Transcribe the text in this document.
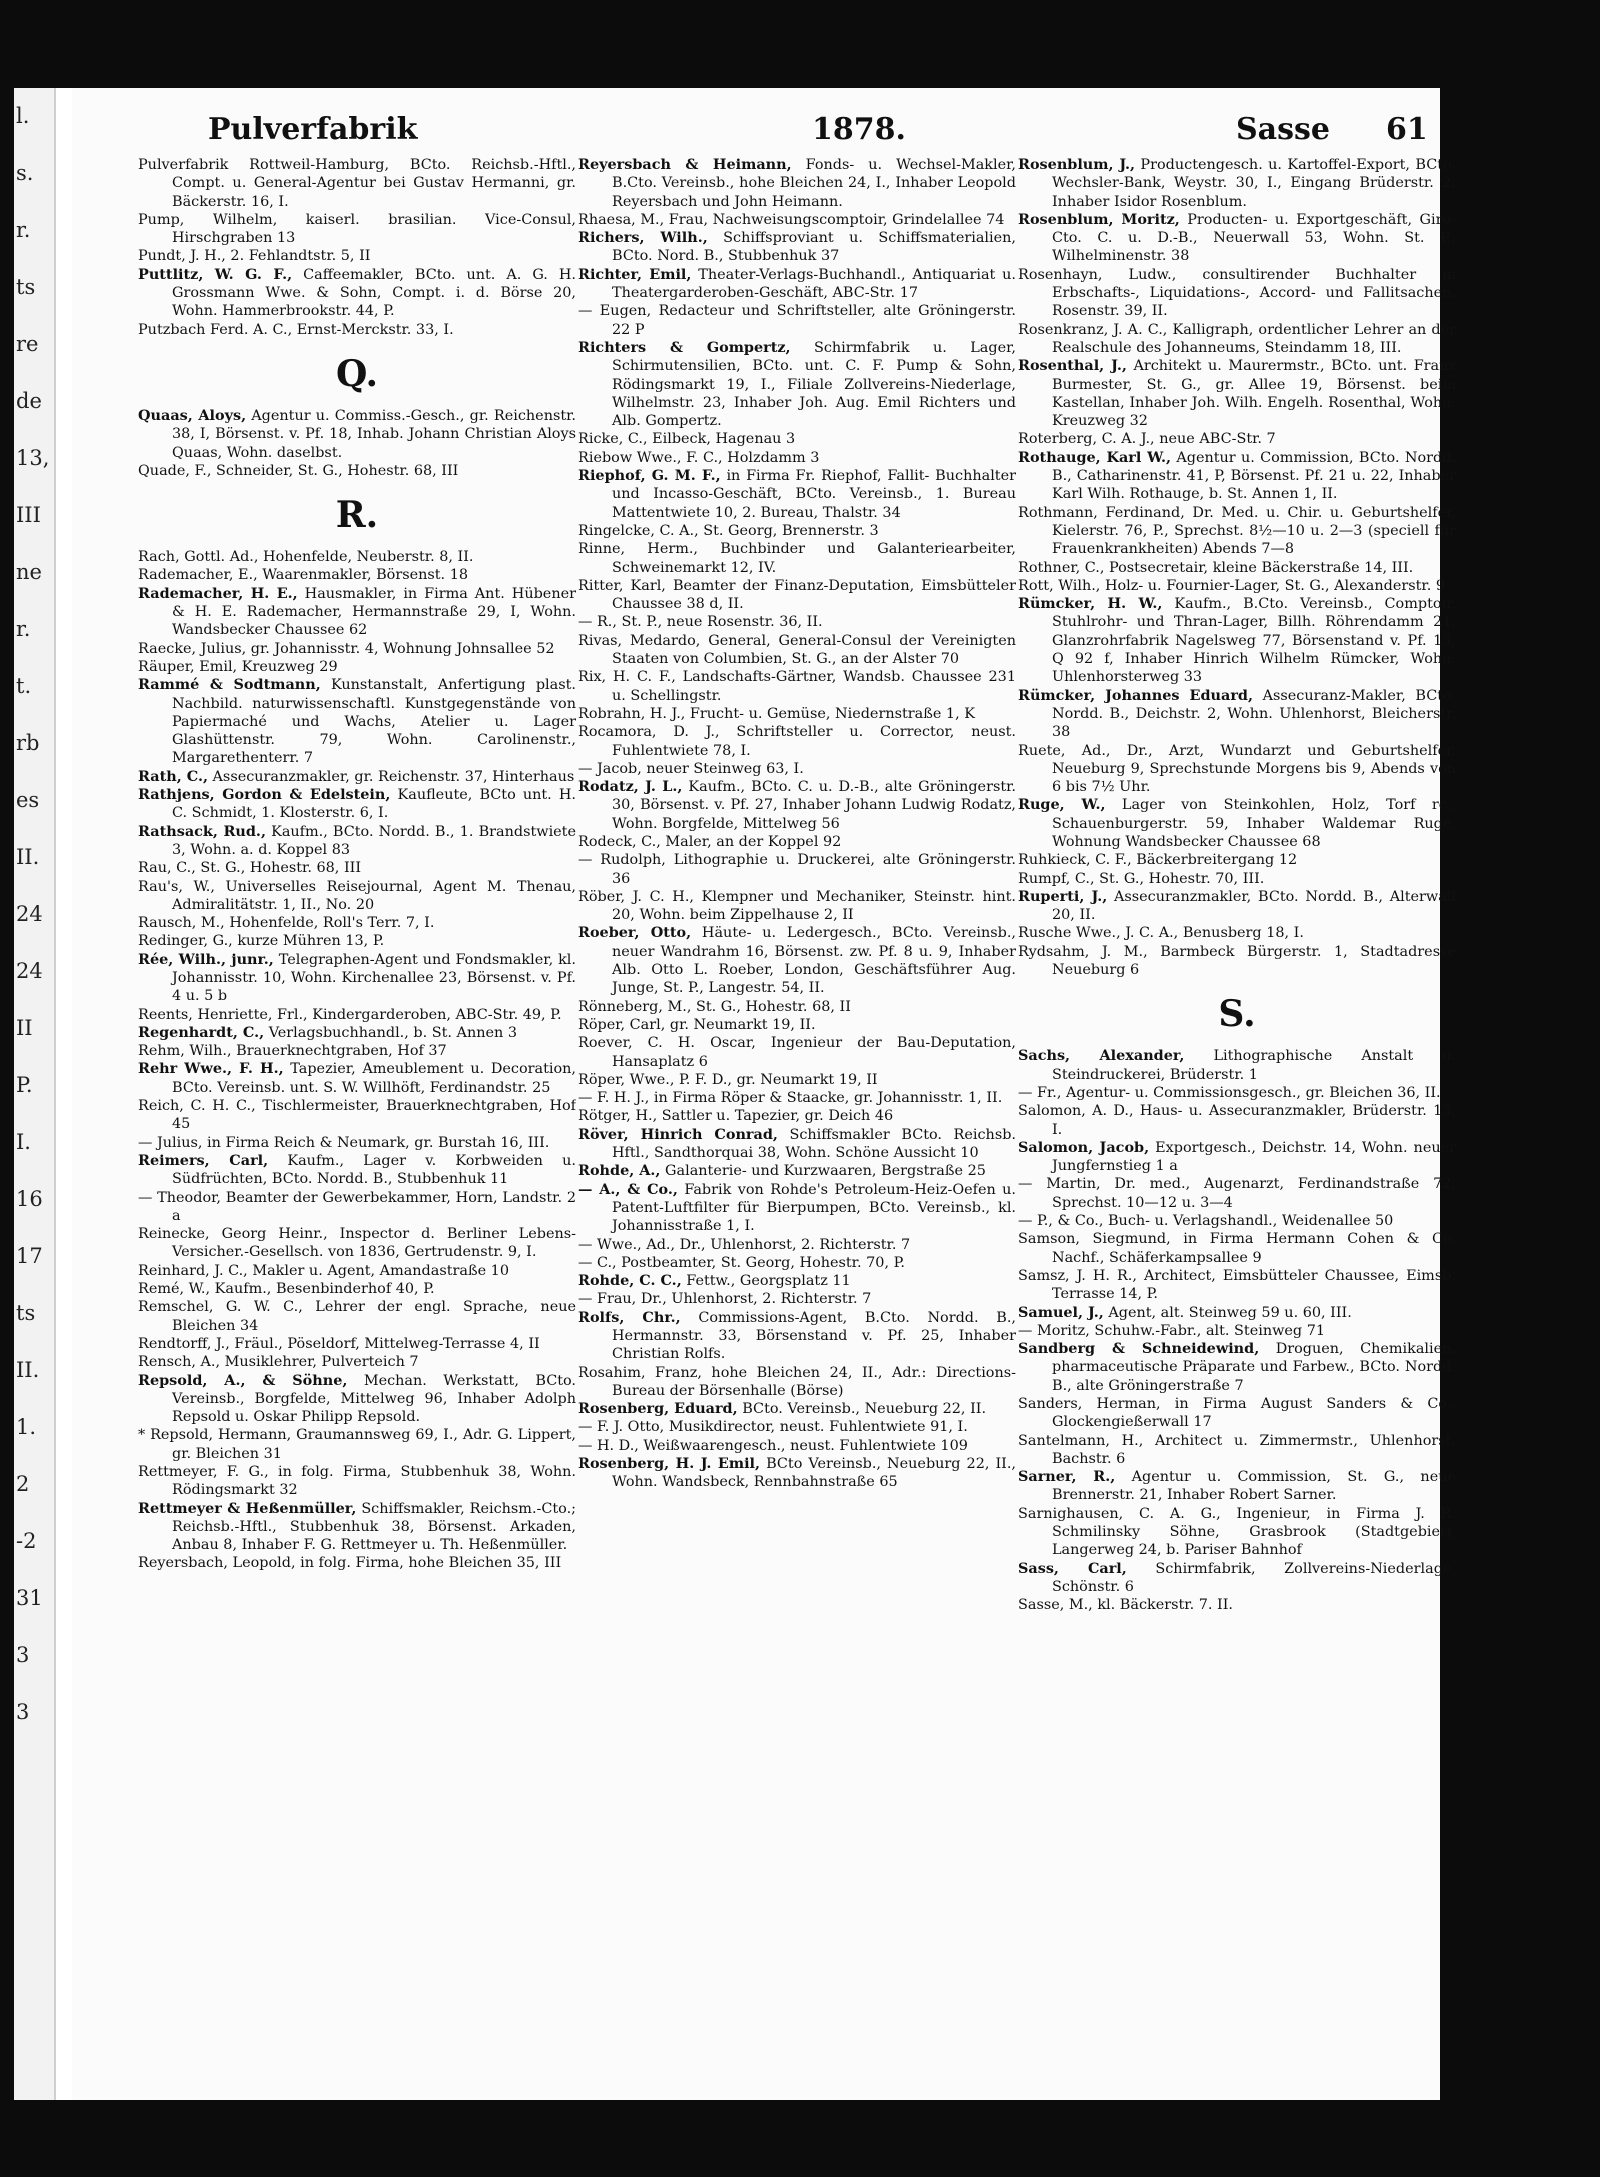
l.
s.
r.
ts
re
de
13,
III
ne
r.
t.
rb
es
II.
24
24
II
P.
I.
16
17
ts
II.
1.
2
-2
31
3
3
Pulverfabrik	1878.	Sasse 61

Pulverfabrik Rottweil-Hamburg, BCto. Reichsb.-Hftl., Compt. u. General-Agentur bei Gustav Hermanni, gr. Bäckerstr. 16, I.

Pump, Wilhelm, kaiserl. brasilian. Vice-Consul, Hirschgraben 13

Pundt, J. H., 2. Fehlandtstr. 5, II

Puttlitz, W. G. F., Caffeemakler, BCto. unt. A. G. H. Grossmann Wwe. & Sohn, Compt. i. d. Börse 20, Wohn. Hammerbrookstr. 44, P.

Putzbach Ferd. A. C., Ernst-Merckstr. 33, I.

Q.

Quaas, Aloys, Agentur u. Commiss.-Gesch., gr. Reichenstr. 38, I, Börsenst. v. Pf. 18, Inhab. Johann Christian Aloys Quaas, Wohn. daselbst.

Quade, F., Schneider, St. G., Hohestr. 68, III

R.

Rach, Gottl. Ad., Hohenfelde, Neuberstr. 8, II.

Rademacher, E., Waarenmakler, Börsenst. 18

Rademacher, H. E., Hausmakler, in Firma Ant. Hübener & H. E. Rademacher, Hermannstraße 29, I, Wohn. Wandsbecker Chaussee 62

Raecke, Julius, gr. Johannisstr. 4, Wohnung Johnsallee 52

Räuper, Emil, Kreuzweg 29

Rammé & Sodtmann, Kunstanstalt, Anfertigung plast. Nachbild. naturwissenschaftl. Kunstgegenstände von Papiermaché und Wachs, Atelier u. Lager Glashüttenstr. 79, Wohn. Carolinenstr., Margarethenterr. 7

Rath, C., Assecuranzmakler, gr. Reichenstr. 37, Hinterhaus

Rathjens, Gordon & Edelstein, Kaufleute, BCto unt. H. C. Schmidt, 1. Klosterstr. 6, I.

Rathsack, Rud., Kaufm., BCto. Nordd. B., 1. Brandstwiete 3, Wohn. a. d. Koppel 83

Rau, C., St. G., Hohestr. 68, III

Rau's, W., Universelles Reisejournal, Agent M. Thenau, Admiralitätstr. 1, II., No. 20

Rausch, M., Hohenfelde, Roll's Terr. 7, I.

Redinger, G., kurze Mühren 13, P.

Rée, Wilh., junr., Telegraphen-Agent und Fondsmakler, kl. Johannisstr. 10, Wohn. Kirchenallee 23, Börsenst. v. Pf. 4 u. 5 b

Reents, Henriette, Frl., Kindergarderoben, ABC-Str. 49, P.

Regenhardt, C., Verlagsbuchhandl., b. St. Annen 3

Rehm, Wilh., Brauerknechtgraben, Hof 37

Rehr Wwe., F. H., Tapezier, Ameublement u. Decoration, BCto. Vereinsb. unt. S. W. Willhöft, Ferdinandstr. 25

Reich, C. H. C., Tischlermeister, Brauerknechtgraben, Hof 45

— Julius, in Firma Reich & Neumark, gr. Burstah 16, III.

Reimers, Carl, Kaufm., Lager v. Korbweiden u. Südfrüchten, BCto. Nordd. B., Stubbenhuk 11

— Theodor, Beamter der Gewerbekammer, Horn, Landstr. 2 a

Reinecke, Georg Heinr., Inspector d. Berliner Lebens-Versicher.-Gesellsch. von 1836, Gertrudenstr. 9, I.

Reinhard, J. C., Makler u. Agent, Amandastraße 10

Remé, W., Kaufm., Besenbinderhof 40, P.

Remschel, G. W. C., Lehrer der engl. Sprache, neue Bleichen 34

Rendtorff, J., Fräul., Pöseldorf, Mittelweg-Terrasse 4, II

Rensch, A., Musiklehrer, Pulverteich 7

Repsold, A., & Söhne, Mechan. Werkstatt, BCto. Vereinsb., Borgfelde, Mittelweg 96, Inhaber Adolph Repsold u. Oskar Philipp Repsold.

* Repsold, Hermann, Graumannsweg 69, I., Adr. G. Lippert, gr. Bleichen 31

Rettmeyer, F. G., in folg. Firma, Stubbenhuk 38, Wohn. Rödingsmarkt 32

Rettmeyer & Heßenmüller, Schiffsmakler, Reichsm.-Cto.; Reichsb.-Hftl., Stubbenhuk 38, Börsenst. Arkaden, Anbau 8, Inhaber F. G. Rettmeyer u. Th. Heßenmüller.

Reyersbach, Leopold, in folg. Firma, hohe Bleichen 35, III

Reyersbach & Heimann, Fonds- u. Wechsel-Makler, B.Cto. Vereinsb., hohe Bleichen 24, I., Inhaber Leopold Reyersbach und John Heimann.

Rhaesa, M., Frau, Nachweisungscomptoir, Grindelallee 74

Richers, Wilh., Schiffsproviant u. Schiffsmaterialien, BCto. Nord. B., Stubbenhuk 37

Richter, Emil, Theater-Verlags-Buchhandl., Antiquariat u. Theatergarderoben-Geschäft, ABC-Str. 17

— Eugen, Redacteur und Schriftsteller, alte Gröningerstr. 22 P

Richters & Gompertz, Schirmfabrik u. Lager, Schirmutensilien, BCto. unt. C. F. Pump & Sohn, Rödingsmarkt 19, I., Filiale Zollvereins-Niederlage, Wilhelmstr. 23, Inhaber Joh. Aug. Emil Richters und Alb. Gompertz.

Ricke, C., Eilbeck, Hagenau 3

Riebow Wwe., F. C., Holzdamm 3

Riephof, G. M. F., in Firma Fr. Riephof, Fallit- Buchhalter und Incasso-Geschäft, BCto. Vereinsb., 1. Bureau Mattentwiete 10, 2. Bureau, Thalstr. 34

Ringelcke, C. A., St. Georg, Brennerstr. 3

Rinne, Herm., Buchbinder und Galanteriearbeiter, Schweinemarkt 12, IV.

Ritter, Karl, Beamter der Finanz-Deputation, Eimsbütteler Chaussee 38 d, II.

— R., St. P., neue Rosenstr. 36, II.

Rivas, Medardo, General, General-Consul der Vereinigten Staaten von Columbien, St. G., an der Alster 70

Rix, H. C. F., Landschafts-Gärtner, Wandsb. Chaussee 231 u. Schellingstr.

Robrahn, H. J., Frucht- u. Gemüse, Niedernstraße 1, K

Rocamora, D. J., Schriftsteller u. Corrector, neust. Fuhlentwiete 78, I.

— Jacob, neuer Steinweg 63, I.

Rodatz, J. L., Kaufm., BCto. C. u. D.-B., alte Gröningerstr. 30, Börsenst. v. Pf. 27, Inhaber Johann Ludwig Rodatz, Wohn. Borgfelde, Mittelweg 56

Rodeck, C., Maler, an der Koppel 92

— Rudolph, Lithographie u. Druckerei, alte Gröningerstr. 36

Röber, J. C. H., Klempner und Mechaniker, Steinstr. hint. 20, Wohn. beim Zippelhause 2, II

Roeber, Otto, Häute- u. Ledergesch., BCto. Vereinsb., neuer Wandrahm 16, Börsenst. zw. Pf. 8 u. 9, Inhaber Alb. Otto L. Roeber, London, Geschäftsführer Aug. Junge, St. P., Langestr. 54, II.

Rönneberg, M., St. G., Hohestr. 68, II

Röper, Carl, gr. Neumarkt 19, II.

Roever, C. H. Oscar, Ingenieur der Bau-Deputation, Hansaplatz 6

Röper, Wwe., P. F. D., gr. Neumarkt 19, II

— F. H. J., in Firma Röper & Staacke, gr. Johannisstr. 1, II.

Rötger, H., Sattler u. Tapezier, gr. Deich 46

Röver, Hinrich Conrad, Schiffsmakler BCto. Reichsb. Hftl., Sandthorquai 38, Wohn. Schöne Aussicht 10

Rohde, A., Galanterie- und Kurzwaaren, Bergstraße 25

— A., & Co., Fabrik von Rohde's Petroleum-Heiz-Oefen u. Patent-Luftfilter für Bierpumpen, BCto. Vereinsb., kl. Johannisstraße 1, I.

— Wwe., Ad., Dr., Uhlenhorst, 2. Richterstr. 7

— C., Postbeamter, St. Georg, Hohestr. 70, P.

Rohde, C. C., Fettw., Georgsplatz 11

— Frau, Dr., Uhlenhorst, 2. Richterstr. 7

Rolfs, Chr., Commissions-Agent, B.Cto. Nordd. B., Hermannstr. 33, Börsenstand v. Pf. 25, Inhaber Christian Rolfs.

Rosahim, Franz, hohe Bleichen 24, II., Adr.: Directions-Bureau der Börsenhalle (Börse)

Rosenberg, Eduard, BCto. Vereinsb., Neueburg 22, II.

— F. J. Otto, Musikdirector, neust. Fuhlentwiete 91, I.

— H. D., Weißwaarengesch., neust. Fuhlentwiete 109

Rosenberg, H. J. Emil, BCto Vereinsb., Neueburg 22, II., Wohn. Wandsbeck, Rennbahnstraße 65

Rosenblum, J., Productengesch. u. Kartoffel-Export, BCto. Wechsler-Bank, Weystr. 30, I., Eingang Brüderstr. 2, Inhaber Isidor Rosenblum.

Rosenblum, Moritz, Producten- u. Exportgeschäft, Giro-Cto. C. u. D.-B., Neuerwall 53, Wohn. St. P., Wilhelminenstr. 38

Rosenhayn, Ludw., consultirender Buchhalter in Erbschafts-, Liquidations-, Accord- und Fallitsachen, Rosenstr. 39, II.

Rosenkranz, J. A. C., Kalligraph, ordentlicher Lehrer an der Realschule des Johanneums, Steindamm 18, III.

Rosenthal, J., Architekt u. Maurermstr., BCto. unt. Franz Burmester, St. G., gr. Allee 19, Börsenst. beim Kastellan, Inhaber Joh. Wilh. Engelh. Rosenthal, Wohn. Kreuzweg 32

Roterberg, C. A. J., neue ABC-Str. 7

Rothauge, Karl W., Agentur u. Commission, BCto. Nordd. B., Catharinenstr. 41, P, Börsenst. Pf. 21 u. 22, Inhaber Karl Wilh. Rothauge, b. St. Annen 1, II.

Rothmann, Ferdinand, Dr. Med. u. Chir. u. Geburtshelfer, Kielerstr. 76, P., Sprechst. 8½—10 u. 2—3 (speciell für Frauenkrankheiten) Abends 7—8

Rothner, C., Postsecretair, kleine Bäckerstraße 14, III.

Rott, Wilh., Holz- u. Fournier-Lager, St. G., Alexanderstr. 9

Rümcker, H. W., Kaufm., B.Cto. Vereinsb., Comptoir, Stuhlrohr- und Thran-Lager, Billh. Röhrendamm 21, Glanzrohrfabrik Nagelsweg 77, Börsenstand v. Pf. 15, Q 92 f, Inhaber Hinrich Wilhelm Rümcker, Wohn. Uhlenhorsterweg 33

Rümcker, Johannes Eduard, Assecuranz-Makler, BCto. Nordd. B., Deichstr. 2, Wohn. Uhlenhorst, Bleicherstr. 38

Ruete, Ad., Dr., Arzt, Wundarzt und Geburtshelfer, Neueburg 9, Sprechstunde Morgens bis 9, Abends von 6 bis 7½ Uhr.

Ruge, W., Lager von Steinkohlen, Holz, Torf rc., Schauenburgerstr. 59, Inhaber Waldemar Ruge, Wohnung Wandsbecker Chaussee 68

Ruhkieck, C. F., Bäckerbreitergang 12

Rumpf, C., St. G., Hohestr. 70, III.

Ruperti, J., Assecuranzmakler, BCto. Nordd. B., Alterwall 20, II.

Rusche Wwe., J. C. A., Benusberg 18, I.

Rydsahm, J. M., Barmbeck Bürgerstr. 1, Stadtadresse Neueburg 6

S.

Sachs, Alexander, Lithographische Anstalt u. Steindruckerei, Brüderstr. 1

— Fr., Agentur- u. Commissionsgesch., gr. Bleichen 36, II.

Salomon, A. D., Haus- u. Assecuranzmakler, Brüderstr. 13, I.

Salomon, Jacob, Exportgesch., Deichstr. 14, Wohn. neuer Jungfernstieg 1 a

— Martin, Dr. med., Augenarzt, Ferdinandstraße 72, Sprechst. 10—12 u. 3—4

— P., & Co., Buch- u. Verlagshandl., Weidenallee 50

Samson, Siegmund, in Firma Hermann Cohen & Co. Nachf., Schäferkampsallee 9

Samsz, J. H. R., Architect, Eimsbütteler Chaussee, Eimsb. Terrasse 14, P.

Samuel, J., Agent, alt. Steinweg 59 u. 60, III.

— Moritz, Schuhw.-Fabr., alt. Steinweg 71

Sandberg & Schneidewind, Droguen, Chemikalien, pharmaceutische Präparate und Farbew., BCto. Nordd. B., alte Gröningerstraße 7

Sanders, Herman, in Firma August Sanders & Co., Glockengießerwall 17

Santelmann, H., Architect u. Zimmermstr., Uhlenhorst, Bachstr. 6

Sarner, R., Agentur u. Commission, St. G., neue Brennerstr. 21, Inhaber Robert Sarner.

Sarnighausen, C. A. G., Ingenieur, in Firma J. R. Schmilinsky Söhne, Grasbrook (Stadtgebiet), Langerweg 24, b. Pariser Bahnhof

Sass, Carl, Schirmfabrik, Zollvereins-Niederlage, Schönstr. 6

Sasse, M., kl. Bäckerstr. 7. II.
